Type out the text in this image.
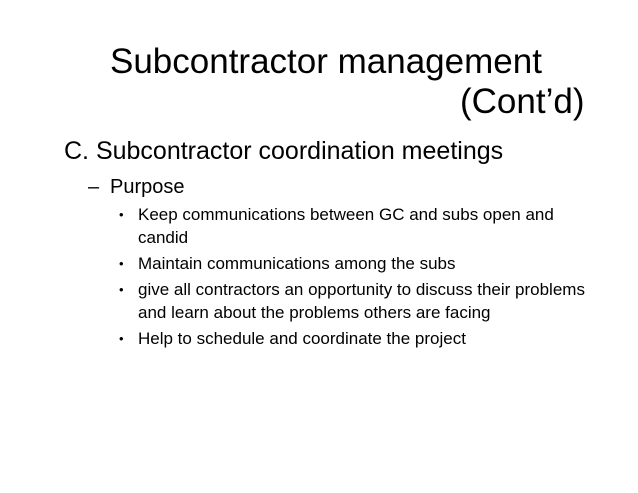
Subcontractor management
(Cont’d)
C. Subcontractor coordination meetings
– Purpose
• Keep communications between GC and subs open and candid
• Maintain communications among the subs
• give all contractors an opportunity to discuss their problems and learn about the problems others are facing
• Help to schedule and coordinate the project
